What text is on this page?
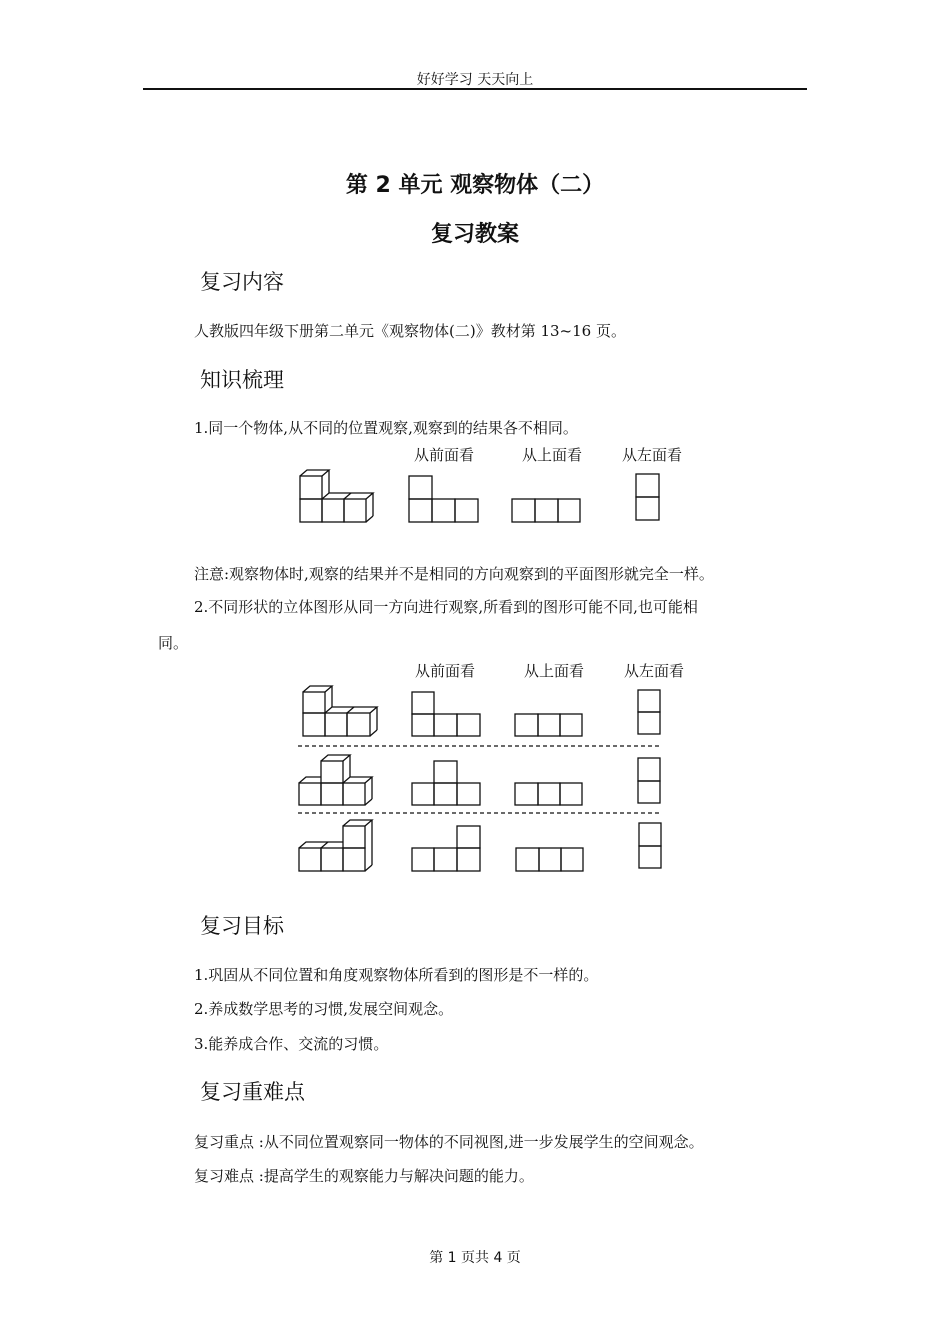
好好学习 天天向上
第 2 单元 观察物体（二）
复习教案
复习内容
人教版四年级下册第二单元《观察物体(二)》教材第 13~16 页。
知识梳理
1.同一个物体,从不同的位置观察,观察到的结果各不相同。
从前面看	从上面看	从左面看
注意:观察物体时,观察的结果并不是相同的方向观察到的平面图形就完全一样。
2.不同形状的立体图形从同一方向进行观察,所看到的图形可能不同,也可能相
同。
从前面看	从上面看	从左面看
复习目标
1.巩固从不同位置和角度观察物体所看到的图形是不一样的。
2.养成数学思考的习惯,发展空间观念。
3.能养成合作、交流的习惯。
复习重难点
复习重点 :从不同位置观察同一物体的不同视图,进一步发展学生的空间观念。
复习难点 :提高学生的观察能力与解决问题的能力。
第 1 页共 4 页
